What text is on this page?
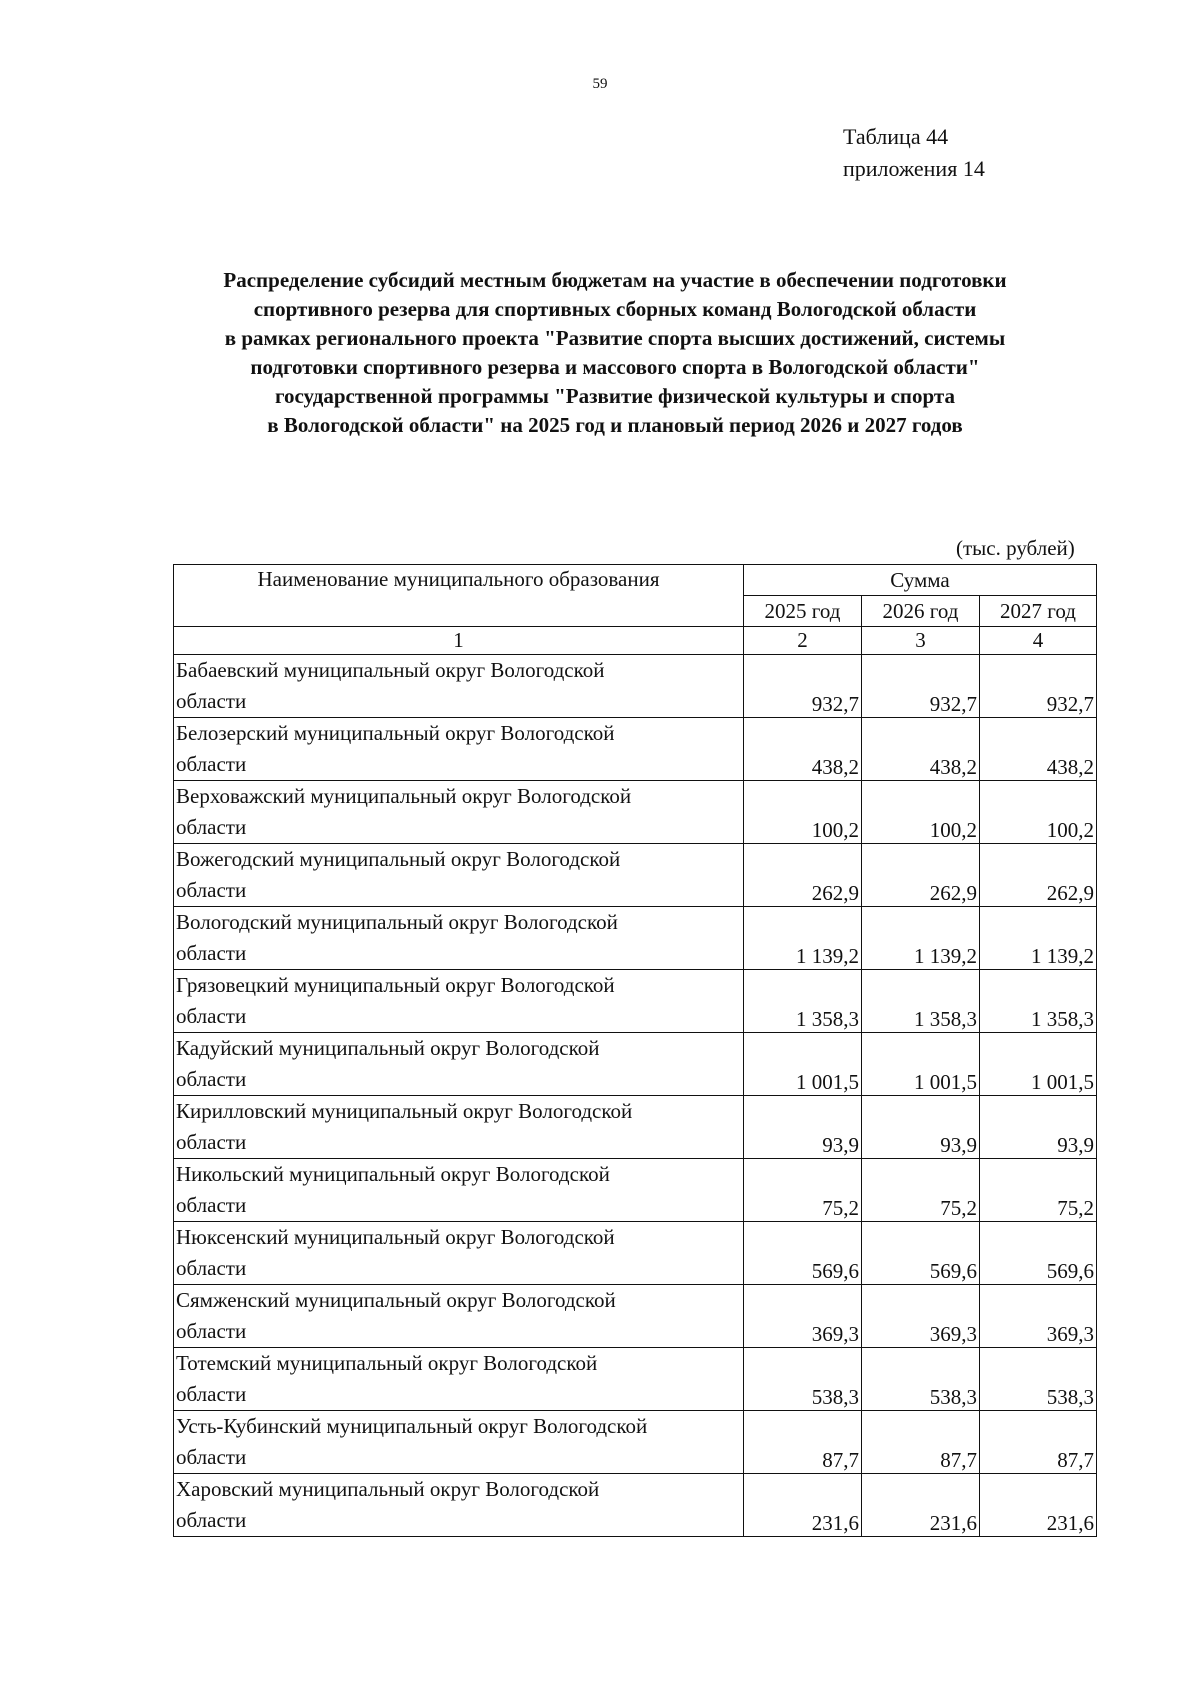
59
Таблица 44
приложения 14
Распределение субсидий местным бюджетам на участие в обеспечении подготовки
спортивного резерва для спортивных сборных команд Вологодской области
в рамках регионального проекта "Развитие спорта высших достижений, системы
подготовки спортивного резерва и массового спорта в Вологодской области"
государственной программы "Развитие физической культуры и спорта
в Вологодской области" на 2025 год и плановый период 2026 и 2027 годов
(тыс. рублей)
Наименование муниципального образования	Сумма		
	2025 год	2026 год	2027 год
1	2	3	4

Бабаевский муниципальный округ Вологодской
области	932,7	932,7	932,7

Белозерский муниципальный округ Вологодской
области	438,2	438,2	438,2

Верховажский муниципальный округ Вологодской
области	100,2	100,2	100,2

Вожегодский муниципальный округ Вологодской
области	262,9	262,9	262,9

Вологодский муниципальный округ Вологодской
области	1 139,2	1 139,2	1 139,2

Грязовецкий муниципальный округ Вологодской
области	1 358,3	1 358,3	1 358,3

Кадуйский муниципальный округ Вологодской
области	1 001,5	1 001,5	1 001,5

Кирилловский муниципальный округ Вологодской
области	93,9	93,9	93,9

Никольский муниципальный округ Вологодской
области	75,2	75,2	75,2

Нюксенский муниципальный округ Вологодской
области	569,6	569,6	569,6

Сямженский муниципальный округ Вологодской
области	369,3	369,3	369,3

Тотемский муниципальный округ Вологодской
области	538,3	538,3	538,3

Усть-Кубинский муниципальный округ Вологодской
области	87,7	87,7	87,7

Харовский муниципальный округ Вологодской
области	231,6	231,6	231,6
